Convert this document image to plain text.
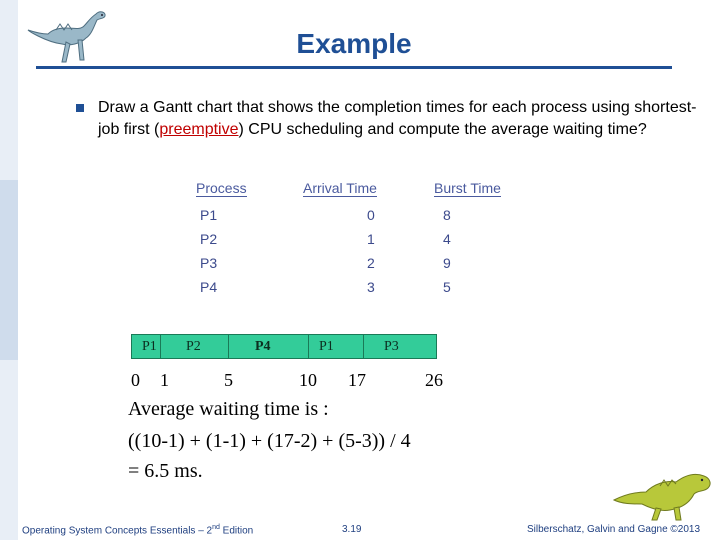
Example
Draw a Gantt chart that shows the completion times for each process using shortest-job first (preemptive) CPU scheduling and compute the average waiting time?
Process	Arrival Time	Burst Time
P1	0	8
P2	1	4
P3	2	9
P4	3	5
P1 P2	P4	P1	P3
0 1	5	10 17	26
Average waiting time is :
((10-1) + (1-1) + (17-2) + (5-3)) / 4
= 6.5 ms.
Operating System Concepts Essentials – 2nd Edition	3.19	Silberschatz, Galvin and Gagne ©2013
